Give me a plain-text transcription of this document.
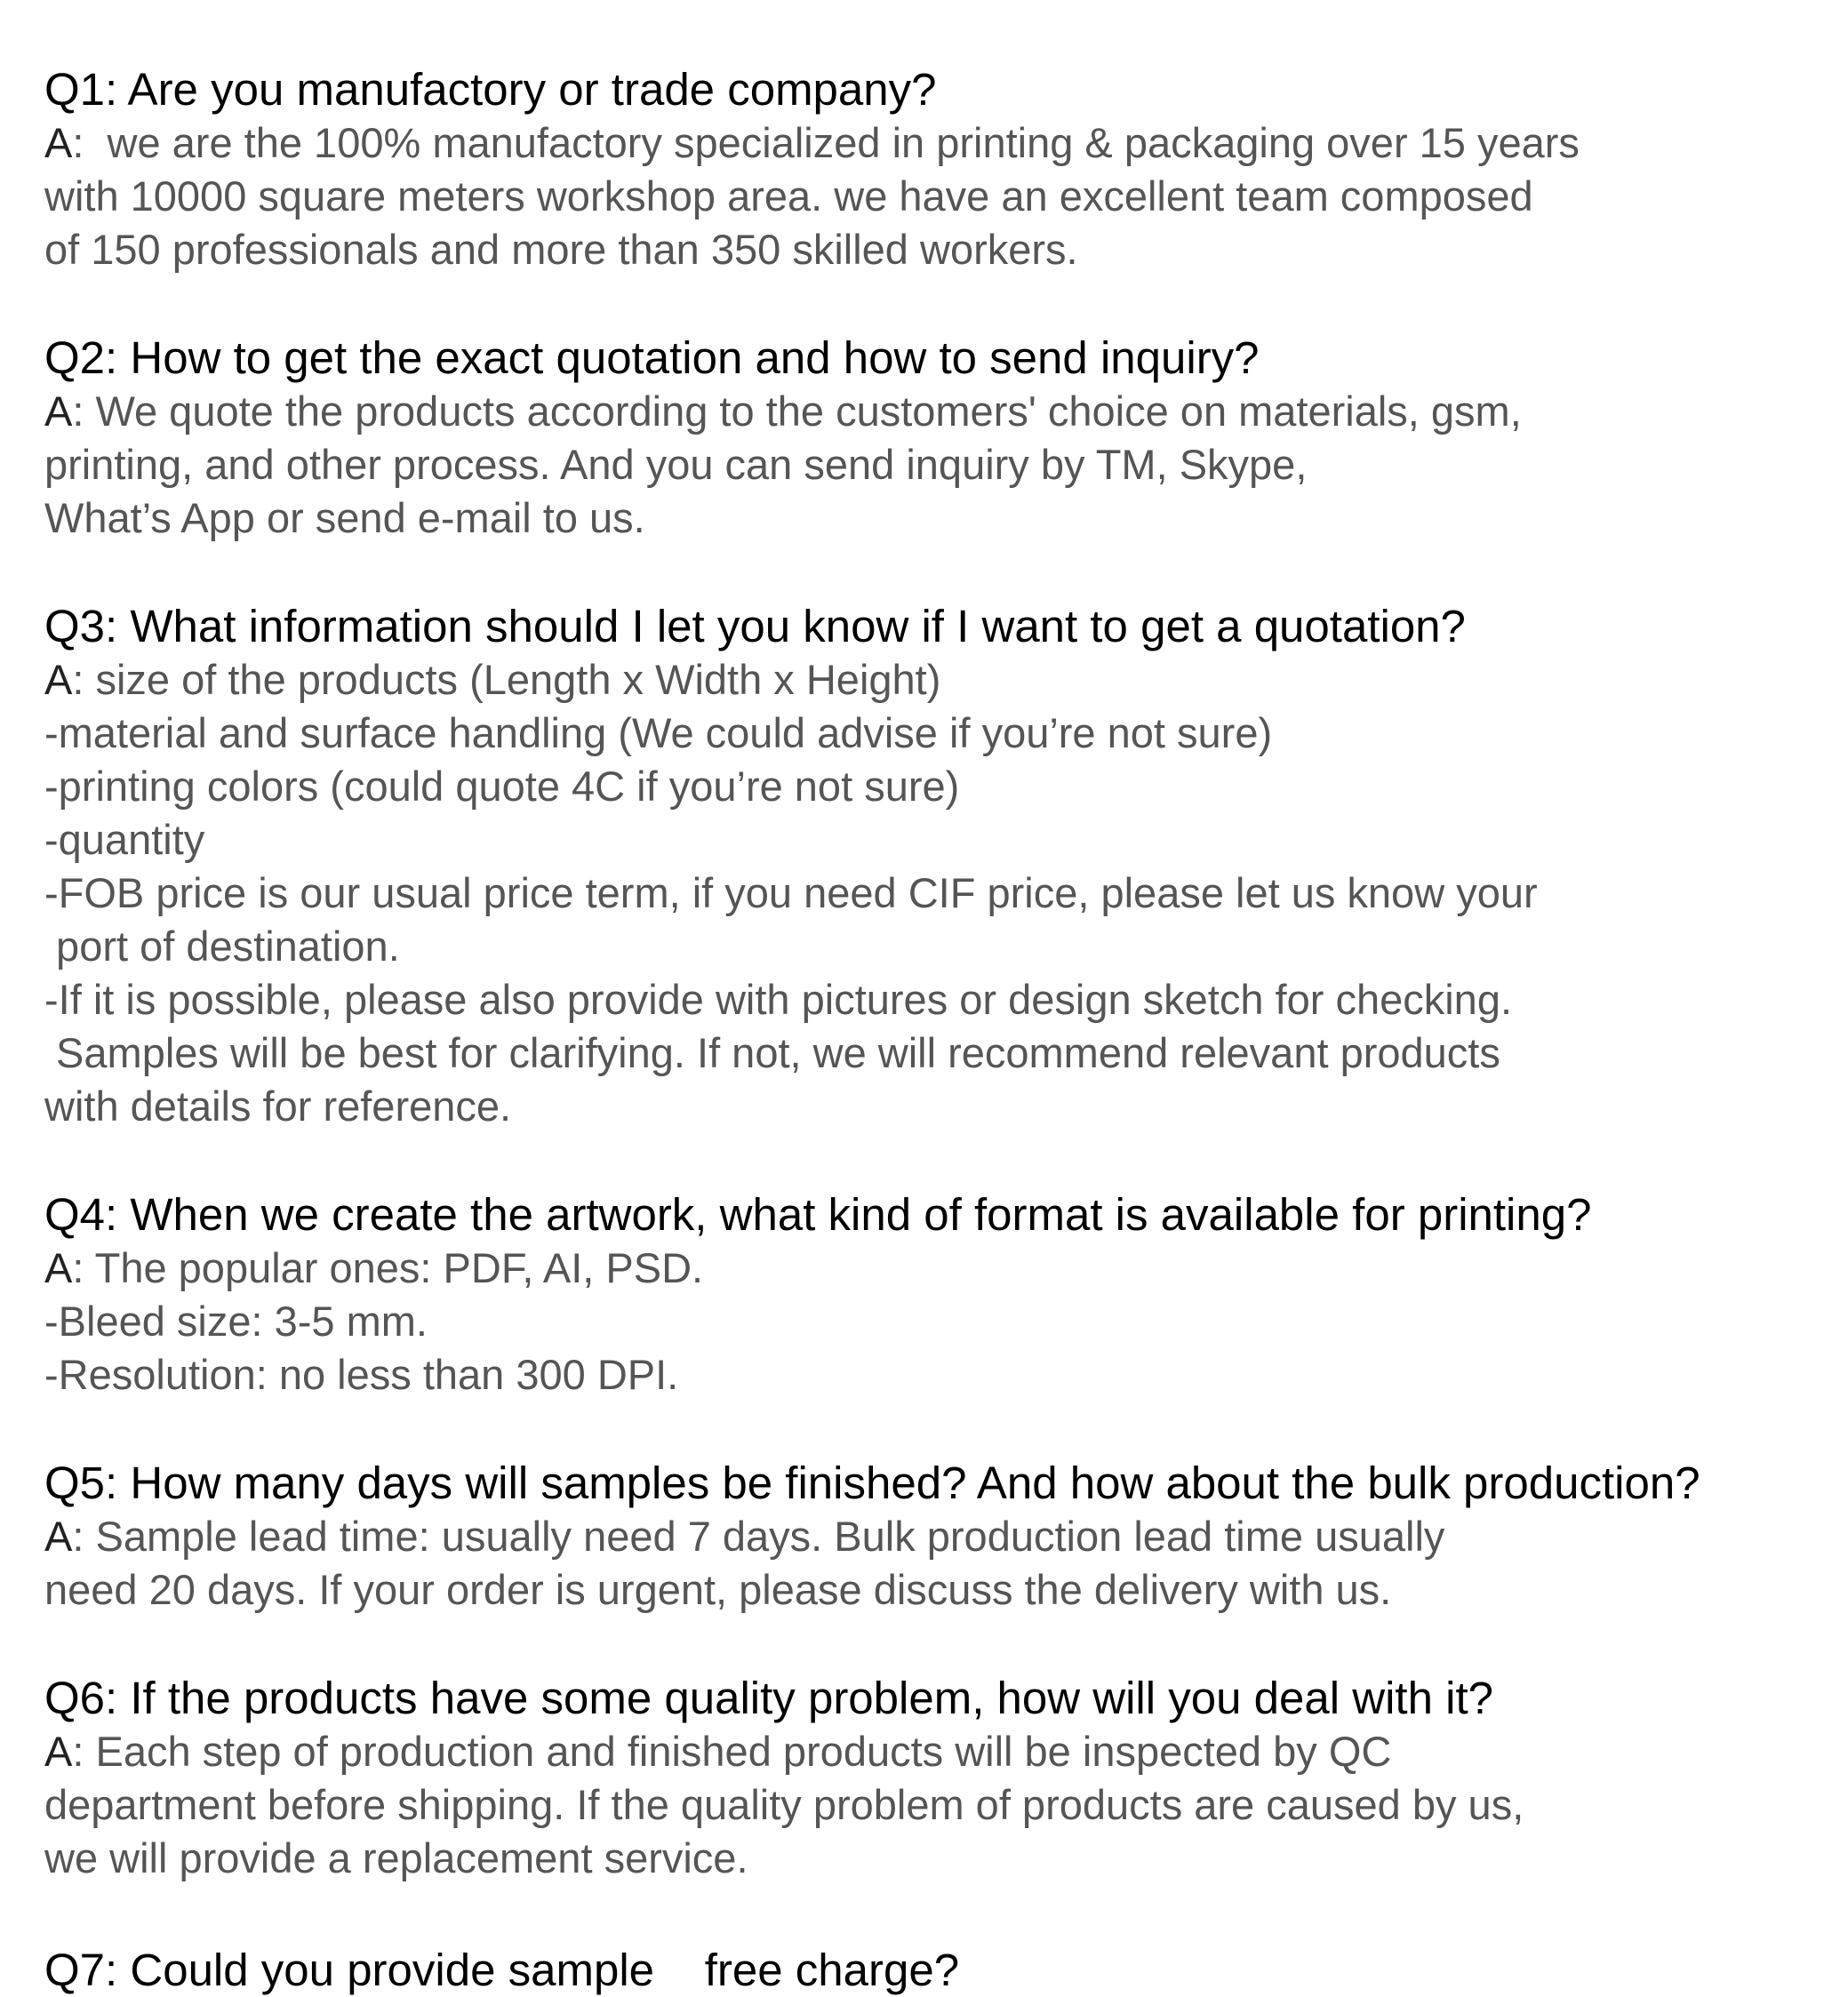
Q1: Are you manufactory or trade company?

A:  we are the 100% manufactory specialized in printing & packaging over 15 years
with 10000 square meters workshop area. we have an excellent team composed
of 150 professionals and more than 350 skilled workers.

Q2: How to get the exact quotation and how to send inquiry?

A: We quote the products according to the customers' choice on materials, gsm,
printing, and other process. And you can send inquiry by TM, Skype,
What’s App or send e-mail to us.

Q3: What information should I let you know if I want to get a quotation?

A: size of the products (Length x Width x Height)
-material and surface handling (We could advise if you’re not sure)
-printing colors (could quote 4C if you’re not sure)
-quantity
-FOB price is our usual price term, if you need CIF price, please let us know your
port of destination.
-If it is possible, please also provide with pictures or design sketch for checking.
Samples will be best for clarifying. If not, we will recommend relevant products
with details for reference.

Q4: When we create the artwork, what kind of format is available for printing?

A: The popular ones: PDF, AI, PSD.
-Bleed size: 3-5 mm.
-Resolution: no less than 300 DPI.

Q5: How many days will samples be finished? And how about the bulk production?

A: Sample lead time: usually need 7 days. Bulk production lead time usually
need 20 days. If your order is urgent, please discuss the delivery with us.

Q6: If the products have some quality problem, how will you deal with it?

A: Each step of production and finished products will be inspected by QC
department before shipping. If the quality problem of products are caused by us,
we will provide a replacement service.
Q7: Could you provide sample    free charge?
